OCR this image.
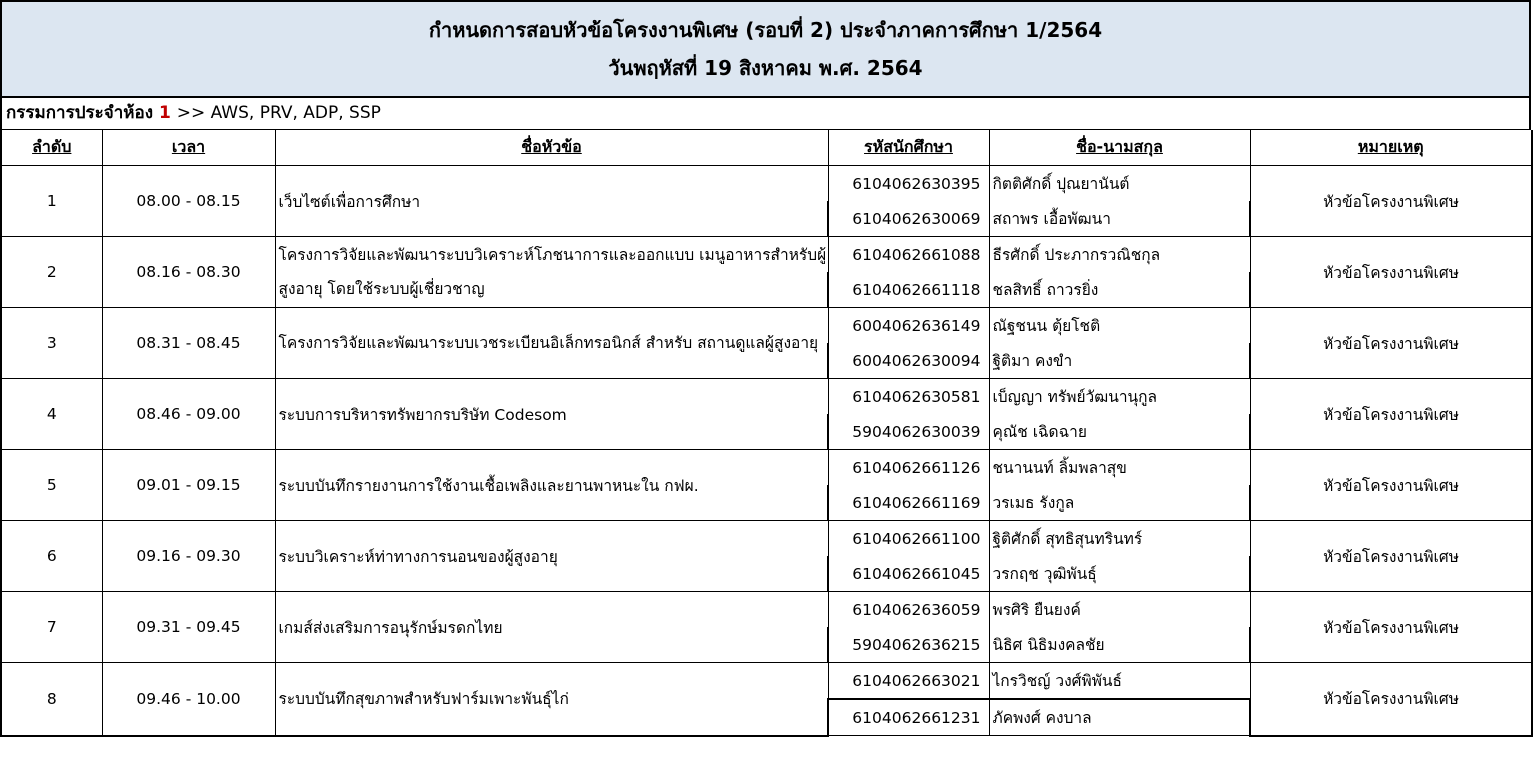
กำหนดการสอบหัวข้อโครงงานพิเศษ (รอบที่ 2) ประจำภาคการศึกษา 1/2564
วันพฤหัสที่ 19 สิงหาคม พ.ศ. 2564
กรรมการประจำห้อง 1 >> AWS, PRV, ADP, SSP
ลำดับ	เวลา	ชื่อหัวข้อ	รหัสนักศึกษา	ชื่อ-นามสกุล	หมายเหตุ
1	08.00 - 08.15	เว็บไซต์เพื่อการศึกษา	6104062630395	กิตติศักดิ์ ปุณยานันต์	หัวข้อโครงงานพิเศษ
			6104062630069	สถาพร เอื้อพัฒนา	
2	08.16 - 08.30	โครงการวิจัยและพัฒนาระบบวิเคราะห์โภชนาการและออกแบบ เมนูอาหารสำหรับผู้สูงอายุ โดยใช้ระบบผู้เชี่ยวชาญ	6104062661088	ธีรศักดิ์ ประภากรวณิชกุล	หัวข้อโครงงานพิเศษ
			6104062661118	ชลสิทธิ์ ถาวรยิ่ง	
3	08.31 - 08.45	โครงการวิจัยและพัฒนาระบบเวชระเบียนอิเล็กทรอนิกส์ สำหรับ สถานดูแลผู้สูงอายุ	6004062636149	ณัฐชนน ตุ้ยโชติ	หัวข้อโครงงานพิเศษ
			6004062630094	ฐิติมา คงขำ	
4	08.46 - 09.00	ระบบการบริหารทรัพยากรบริษัท Codesom	6104062630581	เบ็ญญา ทรัพย์วัฒนานุกูล	หัวข้อโครงงานพิเศษ
			5904062630039	คุณัช เฉิดฉาย	
5	09.01 - 09.15	ระบบบันทึกรายงานการใช้งานเชื้อเพลิงและยานพาหนะใน กฟผ.	6104062661126	ชนานนท์ ลิ้มพลาสุข	หัวข้อโครงงานพิเศษ
			6104062661169	วรเมธ รังกูล	
6	09.16 - 09.30	ระบบวิเคราะห์ท่าทางการนอนของผู้สูงอายุ	6104062661100	ฐิติศักดิ์ สุทธิสุนทรินทร์	หัวข้อโครงงานพิเศษ
			6104062661045	วรกฤช วุฒิพันธุ์	
7	09.31 - 09.45	เกมส์ส่งเสริมการอนุรักษ์มรดกไทย	6104062636059	พรศิริ ยืนยงค์	หัวข้อโครงงานพิเศษ
			5904062636215	นิธิศ นิธิมงคลชัย	
8	09.46 - 10.00	ระบบบันทึกสุขภาพสำหรับฟาร์มเพาะพันธุ์ไก่	6104062663021	ไกรวิชญ์ วงศ์พิพันธ์	หัวข้อโครงงานพิเศษ
			6104062661231	ภัคพงศ์ คงบาล	
